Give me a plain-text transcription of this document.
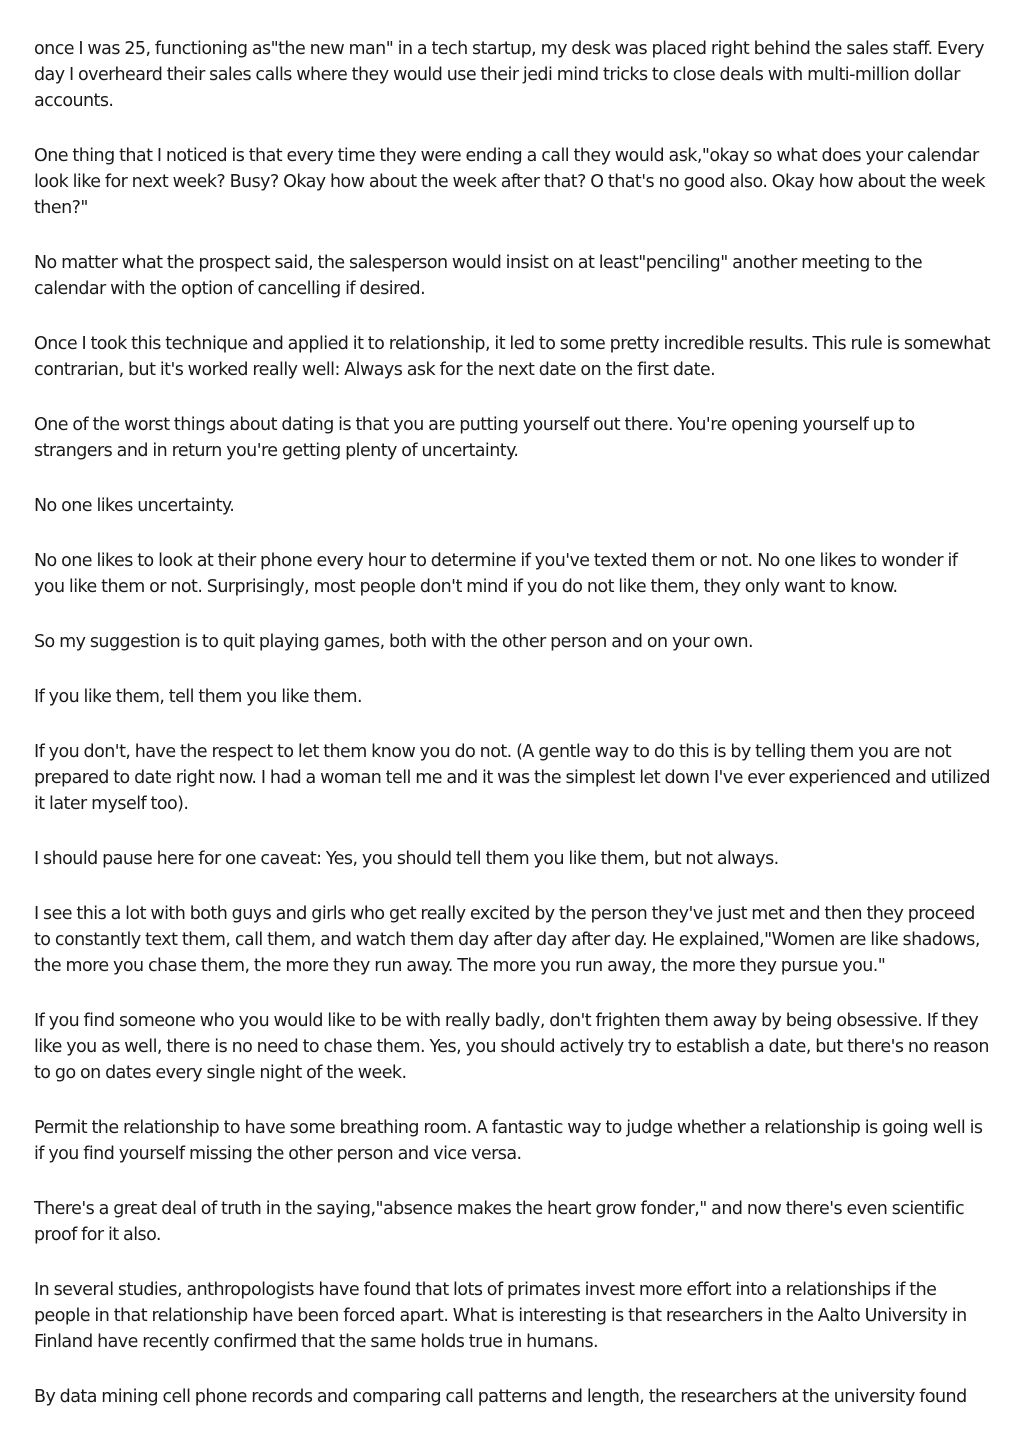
once I was 25, functioning as"the new man" in a tech startup, my desk was placed right behind the sales staff. Every day I overheard their sales calls where they would use their jedi mind tricks to close deals with multi-million dollar accounts.

One thing that I noticed is that every time they were ending a call they would ask,"okay so what does your calendar look like for next week? Busy? Okay how about the week after that? O that's no good also. Okay how about the week then?"

No matter what the prospect said, the salesperson would insist on at least"penciling" another meeting to the calendar with the option of cancelling if desired.

Once I took this technique and applied it to relationship, it led to some pretty incredible results. This rule is somewhat contrarian, but it's worked really well: Always ask for the next date on the first date.

One of the worst things about dating is that you are putting yourself out there. You're opening yourself up to strangers and in return you're getting plenty of uncertainty.

No one likes uncertainty.

No one likes to look at their phone every hour to determine if you've texted them or not. No one likes to wonder if you like them or not. Surprisingly, most people don't mind if you do not like them, they only want to know.

So my suggestion is to quit playing games, both with the other person and on your own.

If you like them, tell them you like them.

If you don't, have the respect to let them know you do not. (A gentle way to do this is by telling them you are not prepared to date right now. I had a woman tell me and it was the simplest let down I've ever experienced and utilized it later myself too).

I should pause here for one caveat: Yes, you should tell them you like them, but not always.

I see this a lot with both guys and girls who get really excited by the person they've just met and then they proceed to constantly text them, call them, and watch them day after day after day. He explained,"Women are like shadows, the more you chase them, the more they run away. The more you run away, the more they pursue you."

If you find someone who you would like to be with really badly, don't frighten them away by being obsessive. If they like you as well, there is no need to chase them. Yes, you should actively try to establish a date, but there's no reason to go on dates every single night of the week.

Permit the relationship to have some breathing room. A fantastic way to judge whether a relationship is going well is if you find yourself missing the other person and vice versa.

There's a great deal of truth in the saying,"absence makes the heart grow fonder," and now there's even scientific proof for it also.

In several studies, anthropologists have found that lots of primates invest more effort into a relationships if the people in that relationship have been forced apart. What is interesting is that researchers in the Aalto University in Finland have recently confirmed that the same holds true in humans.

By data mining cell phone records and comparing call patterns and length, the researchers at the university found
